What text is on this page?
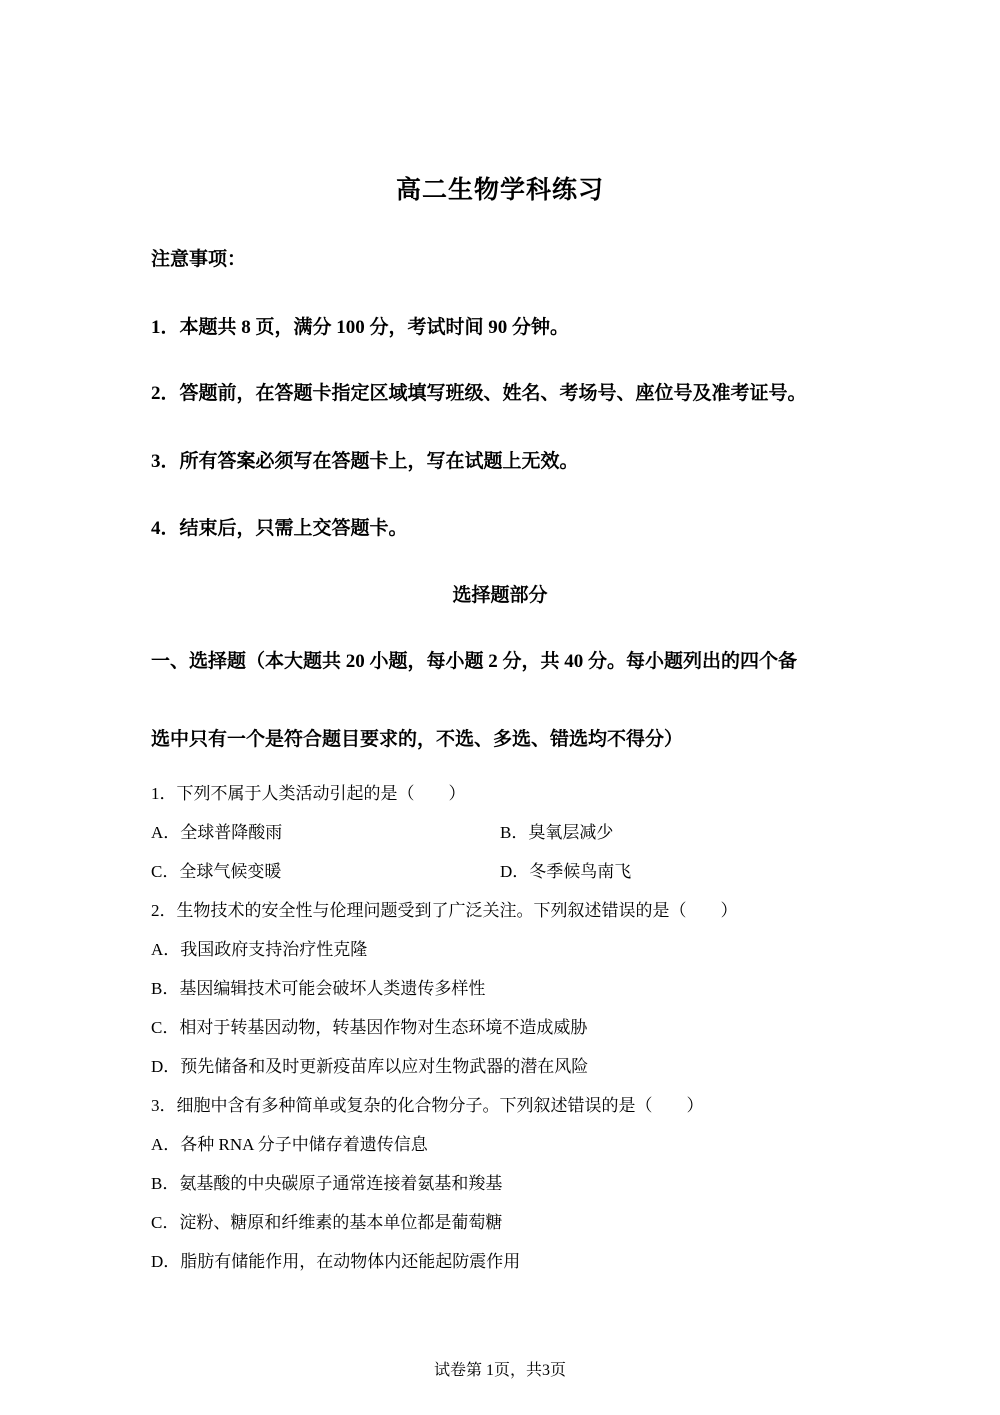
高二生物学科练习
注意事项：
1．本题共 8 页，满分 100 分，考试时间 90 分钟。
2．答题前，在答题卡指定区域填写班级、姓名、考场号、座位号及准考证号。
3．所有答案必须写在答题卡上，写在试题上无效。
4．结束后，只需上交答题卡。
选择题部分
一、选择题（本大题共 20 小题，每小题 2 分，共 40 分。每小题列出的四个备
选中只有一个是符合题目要求的，不选、多选、错选均不得分）
1．下列不属于人类活动引起的是（　　）
A．全球普降酸雨	B．臭氧层减少
C．全球气候变暖	D．冬季候鸟南飞
2．生物技术的安全性与伦理问题受到了广泛关注。下列叙述错误的是（　　）
A．我国政府支持治疗性克隆
B．基因编辑技术可能会破坏人类遗传多样性
C．相对于转基因动物，转基因作物对生态环境不造成威胁
D．预先储备和及时更新疫苗库以应对生物武器的潜在风险
3．细胞中含有多种简单或复杂的化合物分子。下列叙述错误的是（　　）
A．各种 RNA 分子中储存着遗传信息
B．氨基酸的中央碳原子通常连接着氨基和羧基
C．淀粉、糖原和纤维素的基本单位都是葡萄糖
D．脂肪有储能作用，在动物体内还能起防震作用
试卷第 1页，共3页
